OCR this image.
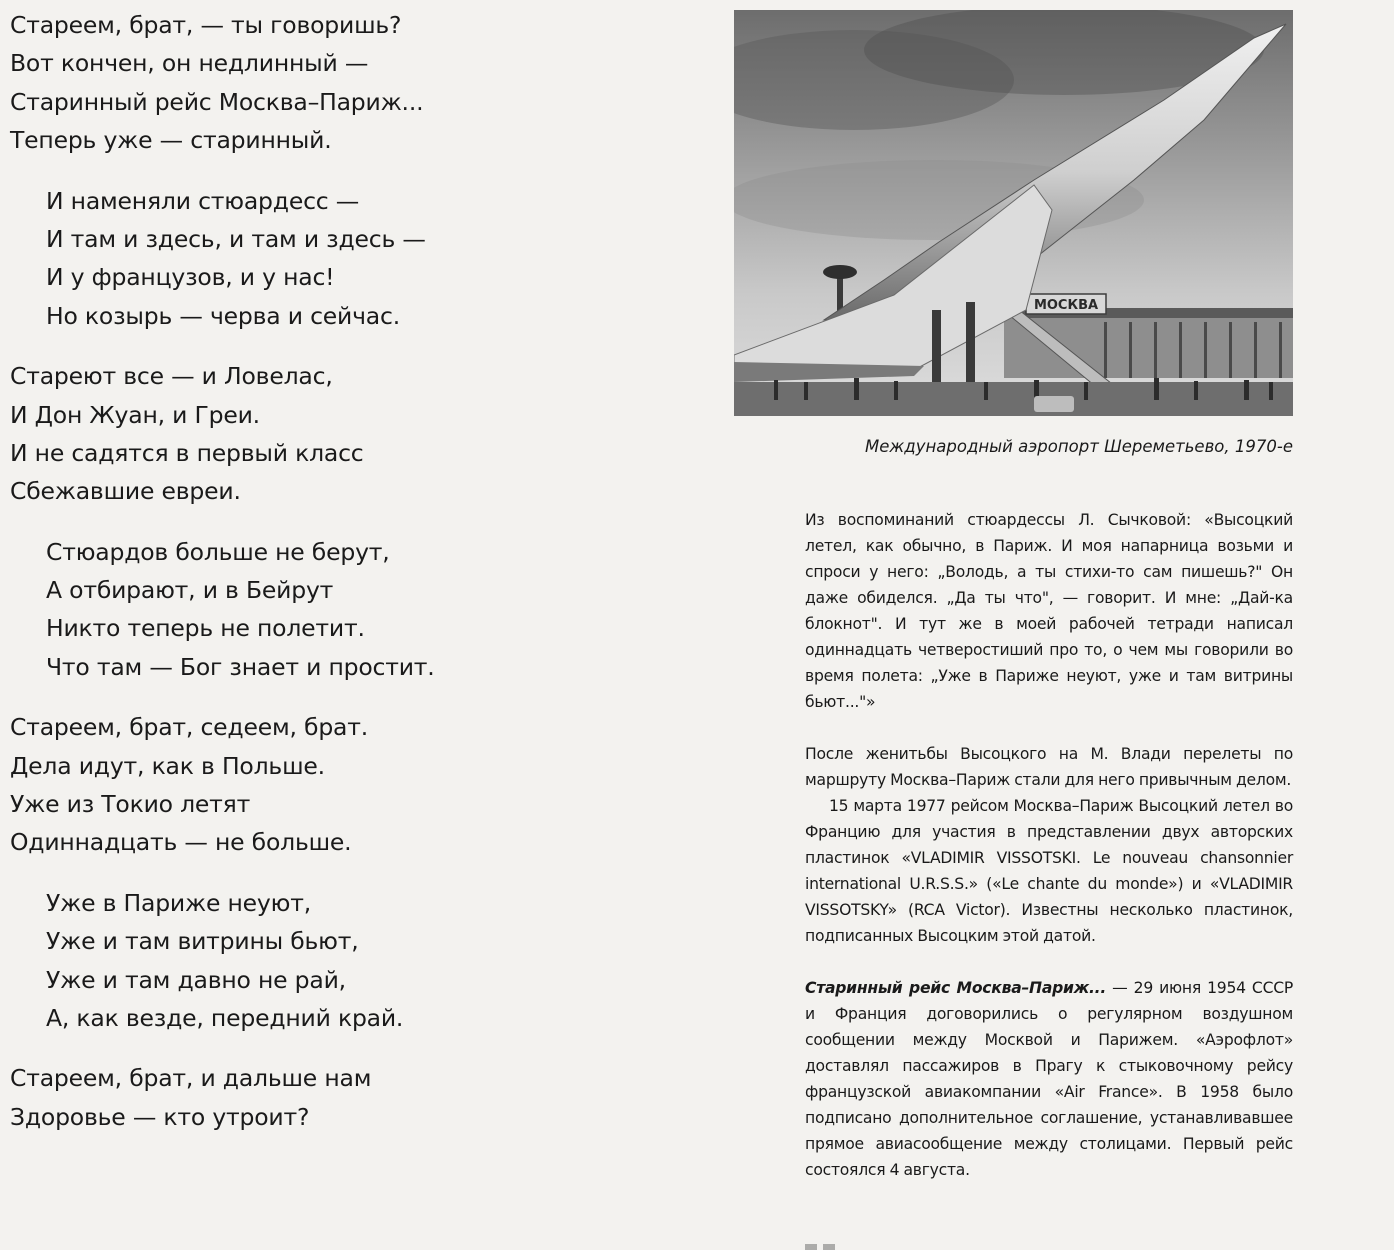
Стареем, брат, — ты говоришь?
Вот кончен, он недлинный —
Старинный рейс Москва–Париж...
Теперь уже — старинный.
И наменяли стюардесс —
И там и здесь, и там и здесь —
И у французов, и у нас!
Но козырь — черва и сейчас.
Стареют все — и Ловелас,
И Дон Жуан, и Греи.
И не садятся в первый класс
Сбежавшие евреи.
Стюардов больше не берут,
А отбирают, и в Бейрут
Никто теперь не полетит.
Что там — Бог знает и простит.
Стареем, брат, седеем, брат.
Дела идут, как в Польше.
Уже из Токио летят
Одиннадцать — не больше.
Уже в Париже неуют,
Уже и там витрины бьют,
Уже и там давно не рай,
А, как везде, передний край.
Стареем, брат, и дальше нам
Здоровье — кто утроит?
МОСКВА
Международный аэропорт Шереметьево, 1970-е

Из воспоминаний стюардессы Л. Сычковой: «Высоцкий летел, как обычно, в Париж. И моя напарница возьми и спроси у него: „Володь, а ты стихи-то сам пишешь?" Он даже обиделся. „Да ты что", — говорит. И мне: „Дай-ка блокнот". И тут же в моей рабочей тетради написал одиннадцать четверостиший про то, о чем мы говорили во время полета: „Уже в Париже неуют, уже и там витрины бьют..."»

После женитьбы Высоцкого на М. Влади перелеты по маршруту Москва–Париж стали для него привычным делом.

15 марта 1977 рейсом Москва–Париж Высоцкий летел во Францию для участия в представлении двух авторских пластинок «VLADIMIR VISSOTSKI. Le nouveau chansonnier international U.R.S.S.» («Le chante du monde») и «VLADIMIR VISSOTSKY» (RCA Victor). Известны несколько пластинок, подписанных Высоцким этой датой.

Старинный рейс Москва–Париж... — 29 июня 1954 СССР и Франция договорились о регулярном воздушном сообщении между Москвой и Парижем. «Аэрофлот» доставлял пассажиров в Прагу к стыковочному рейсу французской авиакомпании «Air France». В 1958 было подписано дополнительное соглашение, устанавливавшее прямое авиасообщение между столицами. Первый рейс состоялся 4 августа.
